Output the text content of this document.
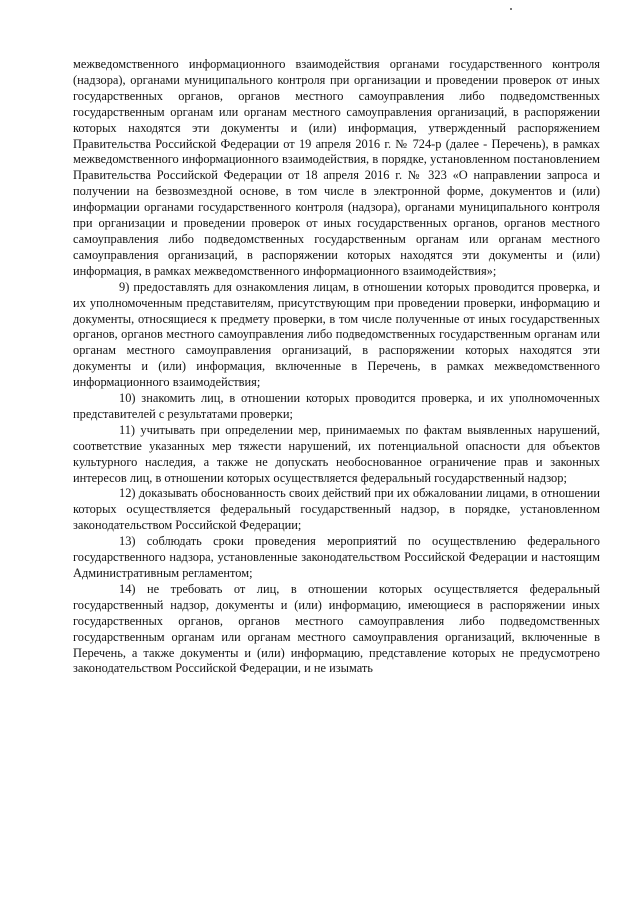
межведомственного информационного взаимодействия органами государственного контроля (надзора), органами муниципального контроля при организации и проведении проверок от иных государственных органов, органов местного самоуправления либо подведомственных государственным органам или органам местного самоуправления организаций, в распоряжении которых находятся эти документы и (или) информация, утвержденный распоряжением Правительства Российской Федерации от 19 апреля 2016 г. № 724-р (далее - Перечень), в рамках межведомственного информационного взаимодействия, в порядке, установленном постановлением Правительства Российской Федерации от 18 апреля 2016 г. № 323 «О направлении запроса и получении на безвозмездной основе, в том числе в электронной форме, документов и (или) информации органами государственного контроля (надзора), органами муниципального контроля при организации и проведении проверок от иных государственных органов, органов местного самоуправления либо подведомственных государственным органам или органам местного самоуправления организаций, в распоряжении которых находятся эти документы и (или) информация, в рамках межведомственного информационного взаимодействия»;

9) предоставлять для ознакомления лицам, в отношении которых проводится проверка, и их уполномоченным представителям, присутствующим при проведении проверки, информацию и документы, относящиеся к предмету проверки, в том числе полученные от иных государственных органов, органов местного самоуправления либо подведомственных государственным органам или органам местного самоуправления организаций, в распоряжении которых находятся эти документы и (или) информация, включенные в Перечень, в рамках межведомственного информационного взаимодействия;

10) знакомить лиц, в отношении которых проводится проверка, и их уполномоченных представителей с результатами проверки;

11) учитывать при определении мер, принимаемых по фактам выявленных нарушений, соответствие указанных мер тяжести нарушений, их потенциальной опасности для объектов культурного наследия, а также не допускать необоснованное ограничение прав и законных интересов лиц, в отношении которых осуществляется федеральный государственный надзор;

12) доказывать обоснованность своих действий при их обжаловании лицами, в отношении которых осуществляется федеральный государственный надзор, в порядке, установленном законодательством Российской Федерации;

13) соблюдать сроки проведения мероприятий по осуществлению федерального государственного надзора, установленные законодательством Российской Федерации и настоящим Административным регламентом;

14) не требовать от лиц, в отношении которых осуществляется федеральный государственный надзор, документы и (или) информацию, имеющиеся в распоряжении иных государственных органов, органов местного самоуправления либо подведомственных государственным органам или органам местного самоуправления организаций, включенные в Перечень, а также документы и (или) информацию, представление которых не предусмотрено законодательством Российской Федерации, и не изымать
